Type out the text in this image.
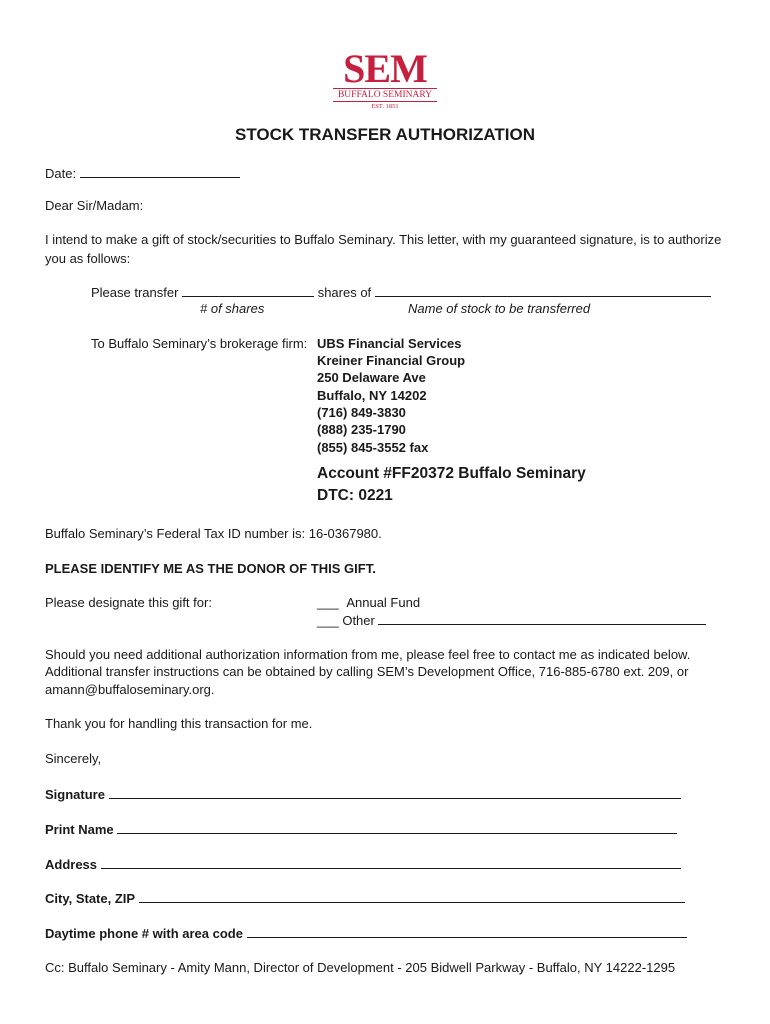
SEM
BUFFALO SEMINARY
EST. 1851
STOCK TRANSFER AUTHORIZATION
Date:
Dear Sir/Madam:
I intend to make a gift of stock/securities to Buffalo Seminary. This letter, with my guaranteed signature, is to authorize
you as follows:
Please transfer	shares of
# of shares	Name of stock to be transferred
To Buffalo Seminary’s brokerage firm: UBS Financial Services
Kreiner Financial Group
250 Delaware Ave
Buffalo, NY 14202
(716) 849-3830
(888) 235-1790
(855) 845-3552 fax
Account #FF20372 Buffalo Seminary
DTC: 0221
Buffalo Seminary’s Federal Tax ID number is: 16-0367980.
PLEASE IDENTIFY ME AS THE DONOR OF THIS GIFT.
Please designate this gift for:	___ Annual Fund
___ Other
Should you need additional authorization information from me, please feel free to contact me as indicated below.
Additional transfer instructions can be obtained by calling SEM’s Development Office, 716-885-6780 ext. 209, or
amann@buffaloseminary.org.
Thank you for handling this transaction for me.
Sincerely,
Signature
Print Name
Address
City, State, ZIP
Daytime phone # with area code
Cc: Buffalo Seminary - Amity Mann, Director of Development - 205 Bidwell Parkway - Buffalo, NY 14222-1295
